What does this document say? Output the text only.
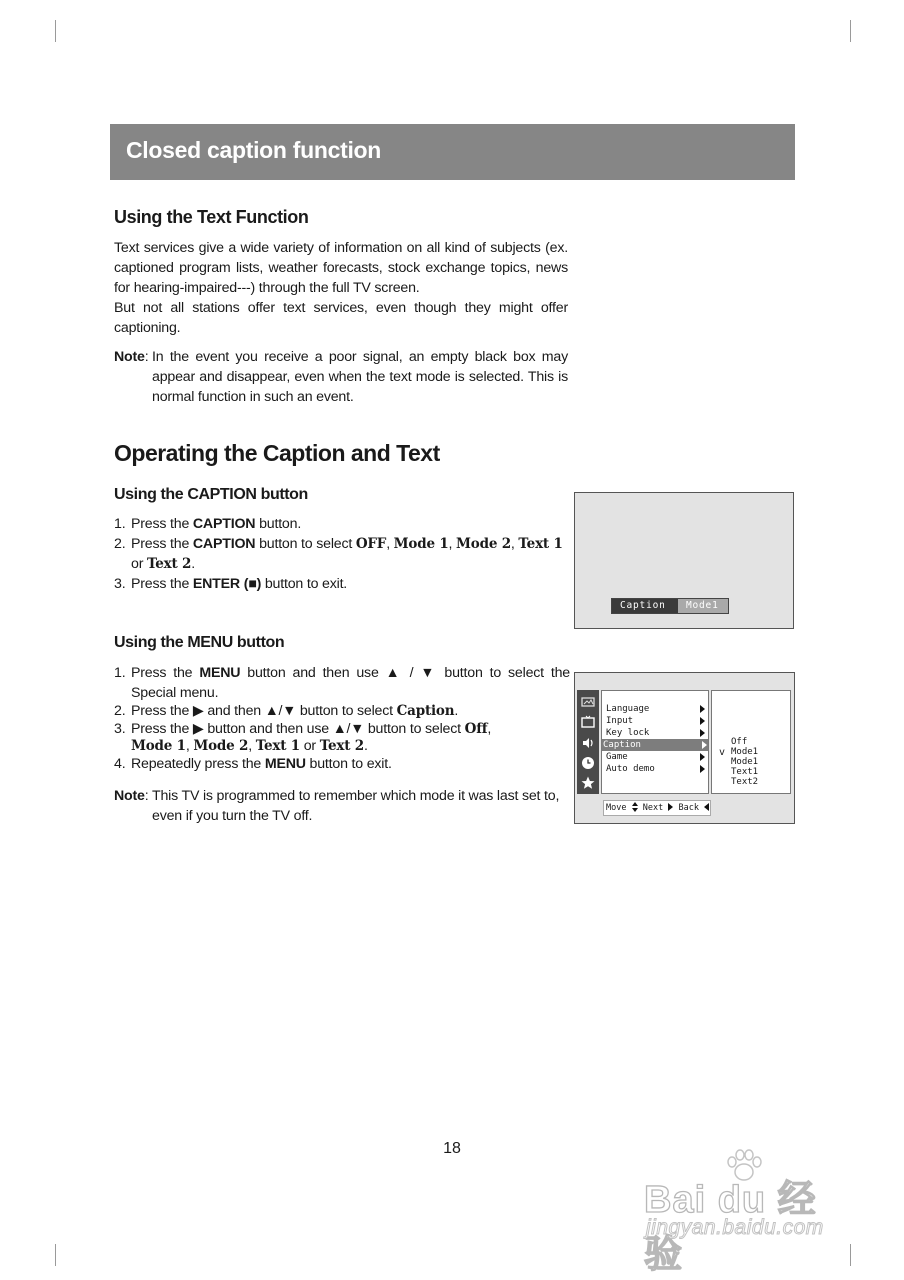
Closed caption function
Using the Text Function

Text services give a wide variety of information on all kind of subjects (ex. captioned program lists, weather forecasts, stock exchange topics, news for hearing-impaired---) through the full TV screen.

But not all stations offer text services, even though they might offer captioning.

Note: In the event you receive a poor signal, an empty black box may appear and disappear, even when the text mode is selected. This is normal function in such an event.
Operating the Caption and Text
Using the CAPTION button
1. Press the CAPTION button.
2. Press the CAPTION button to select OFF, Mode 1, Mode 2, Text 1
or Text 2.
3. Press the ENTER (■) button to exit.
Using the MENU button
1. Press the MENU button and then use ▲ / ▼ button to select the Special menu.
2. Press the ▶ and then ▲/▼ button to select Caption.
3. Press the ▶ button and then use ▲/▼ button to select Off,
Mode 1, Mode 2, Text 1 or Text 2.
4. Repeatedly press the MENU button to exit.
Note: This TV is programmed to remember which mode it was last set to, even if you turn the TV off.
Caption	Mode1
Language
Input
Key lock
Caption
Game
Auto demo
Off
Mode1
Mode1
Text1
Text2
v
Move Next Back
18
Bai du 经验
jingyan.baidu.com
